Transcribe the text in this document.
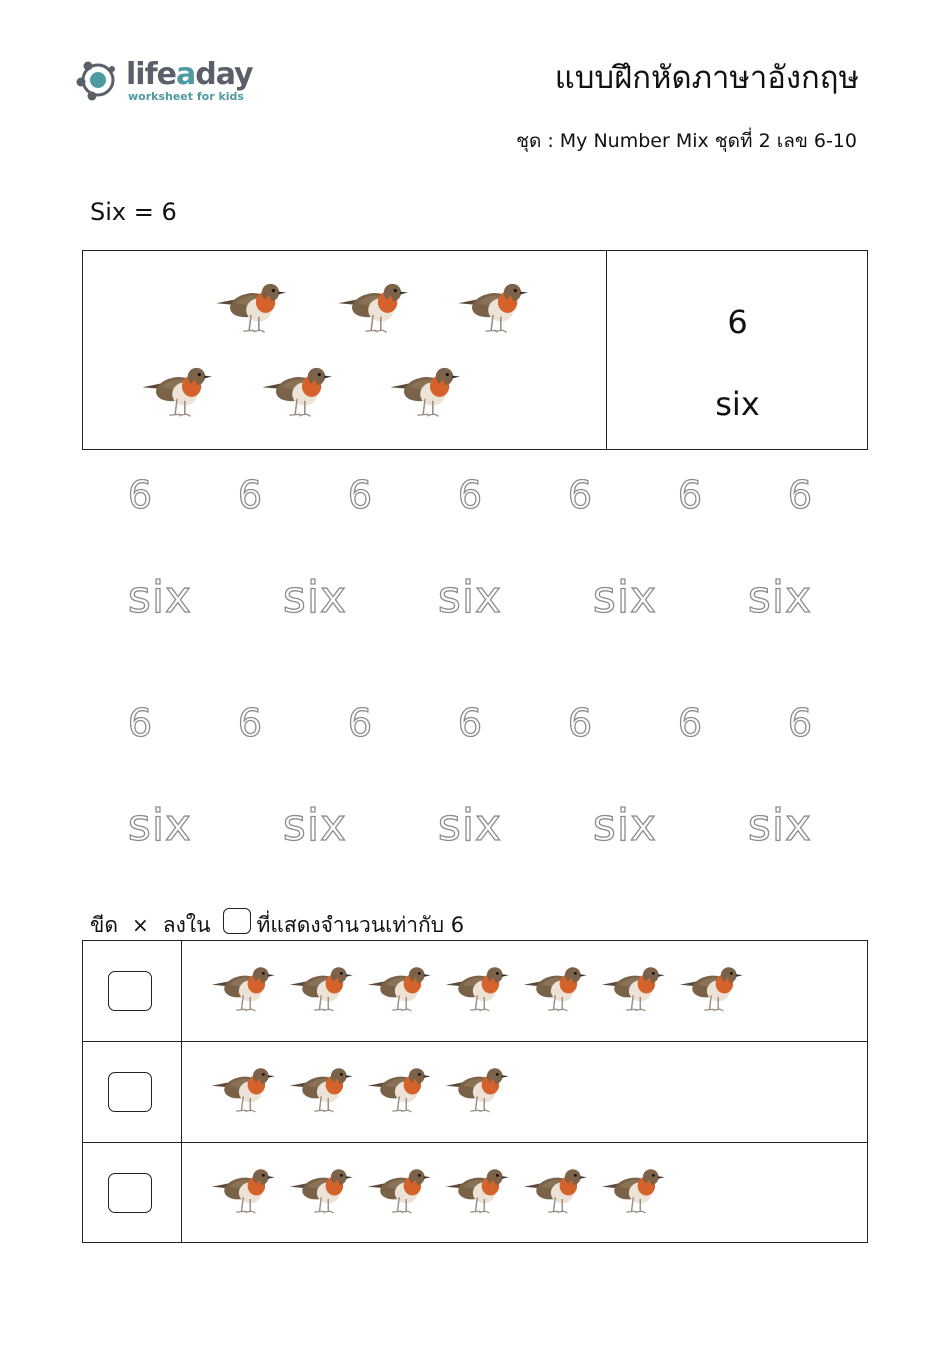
lifeaday
worksheet for kids
แบบฝึกหัดภาษาอังกฤษ
ชุด : My Number Mix ชุดที่ 2 เลข 6-10
Six = 6
6
six
6	6	6	6	6	6	6
six	six	six	six	six
6	6	6	6	6	6	6
six	six	six	six	six
ขีด × ลงใน ที่แสดงจำนวนเท่ากับ 6
